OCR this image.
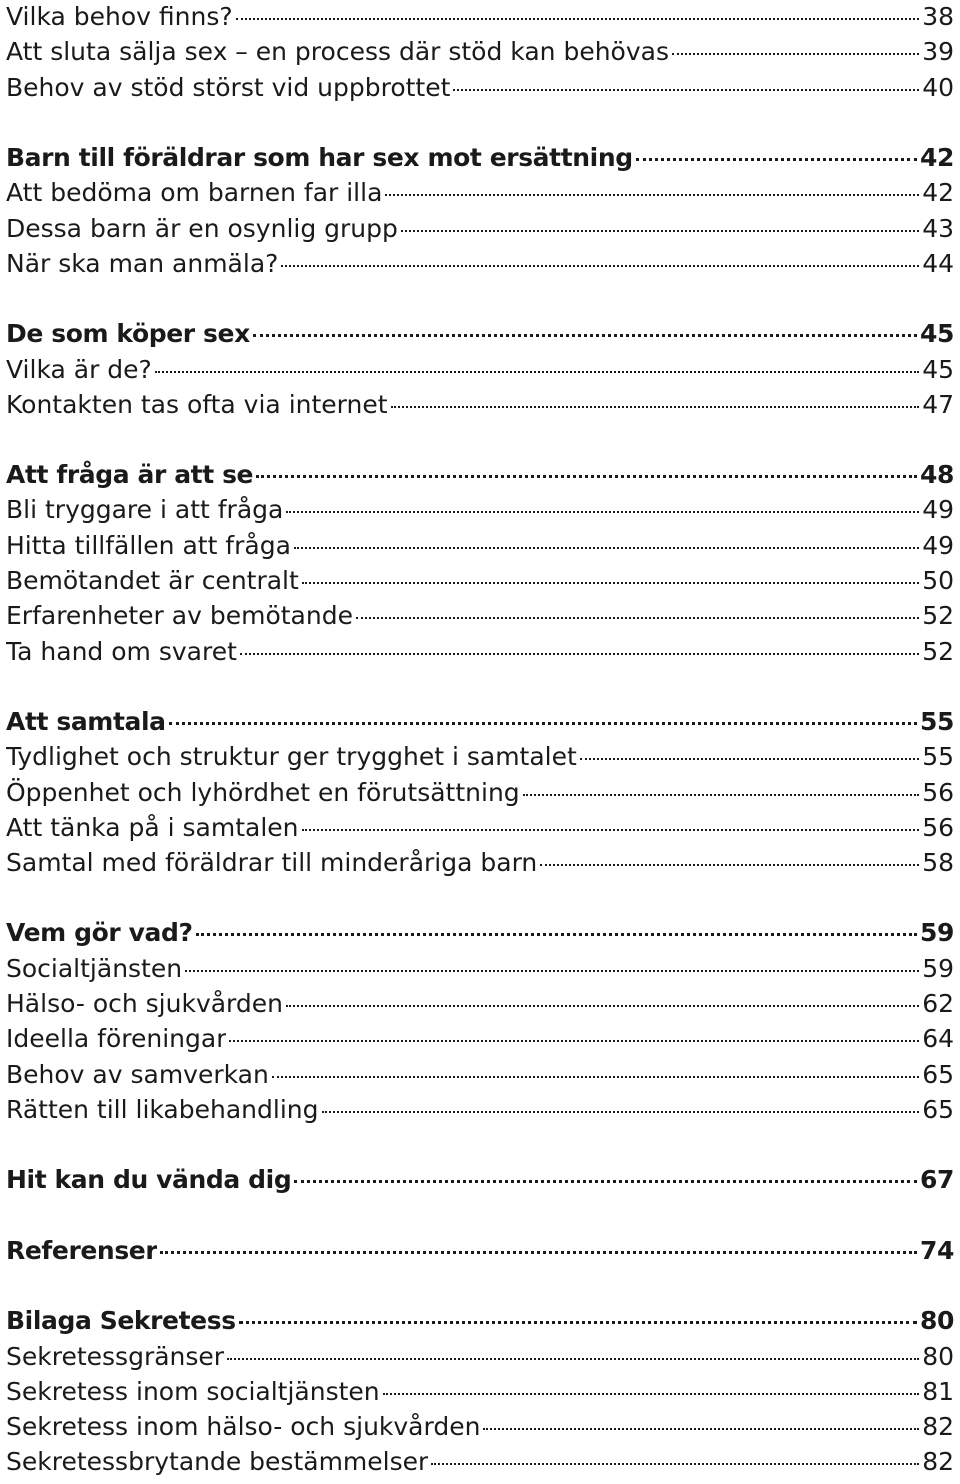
Vilka behov finns?	38
Att sluta sälja sex – en process där stöd kan behövas	39
Behov av stöd störst vid uppbrottet	40
Barn till föräldrar som har sex mot ersättning	42
Att bedöma om barnen far illa	42
Dessa barn är en osynlig grupp	43
När ska man anmäla?	44
De som köper sex	45
Vilka är de?	45
Kontakten tas ofta via internet	47
Att fråga är att se	48
Bli tryggare i att fråga	49
Hitta tillfällen att fråga	49
Bemötandet är centralt	50
Erfarenheter av bemötande	52
Ta hand om svaret	52
Att samtala	55
Tydlighet och struktur ger trygghet i samtalet	55
Öppenhet och lyhördhet en förutsättning	56
Att tänka på i samtalen	56
Samtal med föräldrar till minderåriga barn	58
Vem gör vad?	59
Socialtjänsten	59
Hälso- och sjukvården	62
Ideella föreningar	64
Behov av samverkan	65
Rätten till likabehandling	65
Hit kan du vända dig	67
Referenser	74
Bilaga Sekretess	80
Sekretessgränser	80
Sekretess inom socialtjänsten	81
Sekretess inom hälso- och sjukvården	82
Sekretessbrytande bestämmelser	82
